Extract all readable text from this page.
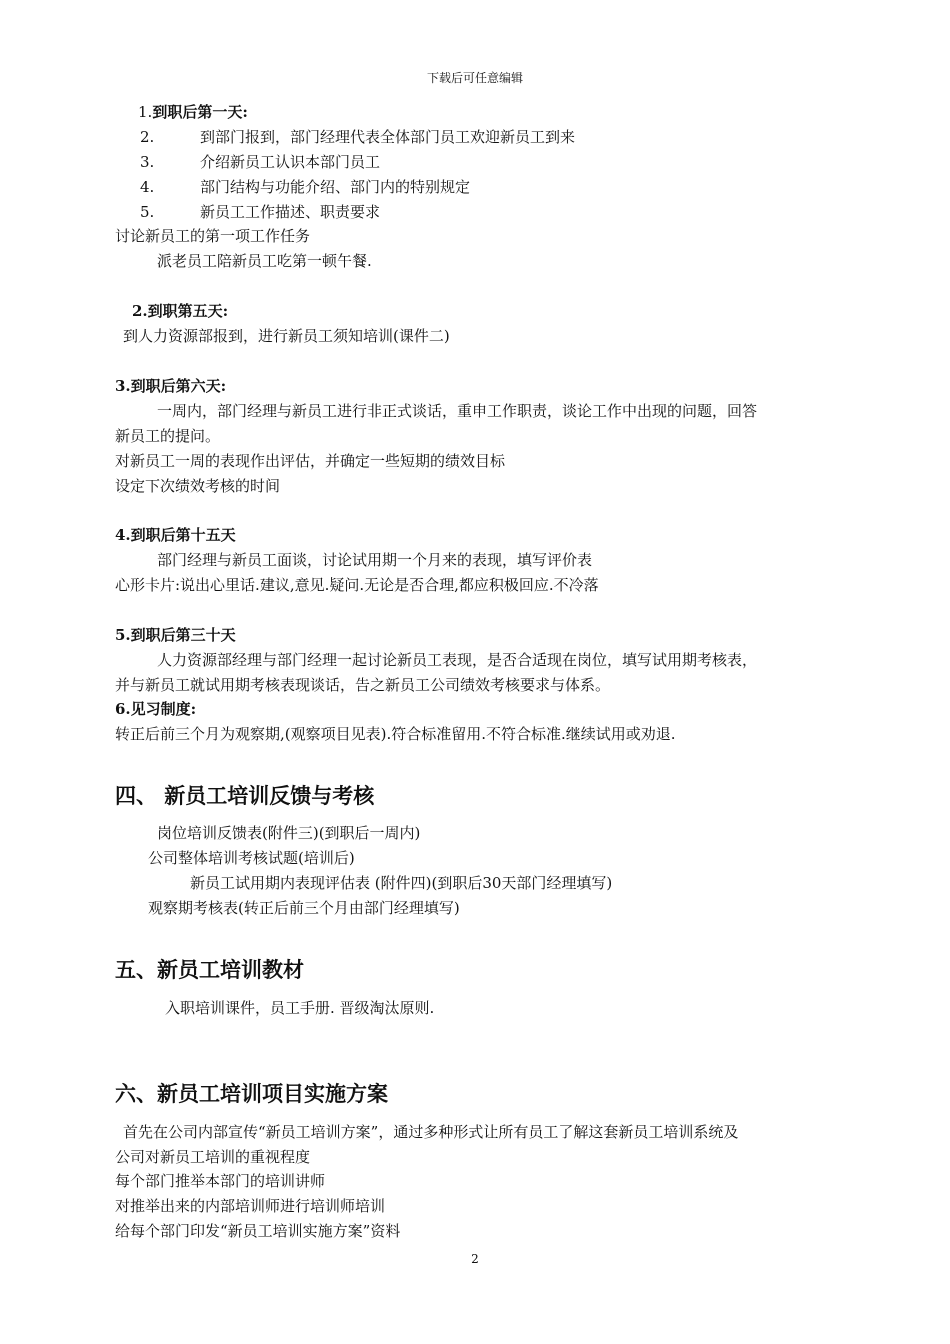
下载后可任意编辑
1.到职后第一天:
2.	到部门报到，部门经理代表全体部门员工欢迎新员工到来
3.	介绍新员工认识本部门员工
4.	部门结构与功能介绍、部门内的特别规定
5.	新员工工作描述、职责要求
讨论新员工的第一项工作任务
派老员工陪新员工吃第一顿午餐.
2.到职第五天:
到人力资源部报到，进行新员工须知培训(课件二)
3.到职后第六天:
一周内，部门经理与新员工进行非正式谈话，重申工作职责，谈论工作中出现的问题，回答
新员工的提问。
对新员工一周的表现作出评估，并确定一些短期的绩效目标
设定下次绩效考核的时间
4.到职后第十五天
部门经理与新员工面谈，讨论试用期一个月来的表现，填写评价表
心形卡片:说出心里话.建议,意见.疑问.无论是否合理,都应积极回应.不冷落
5.到职后第三十天
人力资源部经理与部门经理一起讨论新员工表现，是否合适现在岗位，填写试用期考核表，
并与新员工就试用期考核表现谈话，告之新员工公司绩效考核要求与体系。
6.见习制度:
转正后前三个月为观察期,(观察项目见表).符合标准留用.不符合标准.继续试用或劝退.
四、 新员工培训反馈与考核
岗位培训反馈表(附件三)(到职后一周内)
公司整体培训考核试题(培训后)
新员工试用期内表现评估表 (附件四)(到职后30天部门经理填写)
观察期考核表(转正后前三个月由部门经理填写)
五、新员工培训教材
入职培训课件，员工手册. 晋级淘汰原则.
六、新员工培训项目实施方案
首先在公司内部宣传“新员工培训方案”，通过多种形式让所有员工了解这套新员工培训系统及
公司对新员工培训的重视程度
每个部门推举本部门的培训讲师
对推举出来的内部培训师进行培训师培训
给每个部门印发“新员工培训实施方案”资料
2
